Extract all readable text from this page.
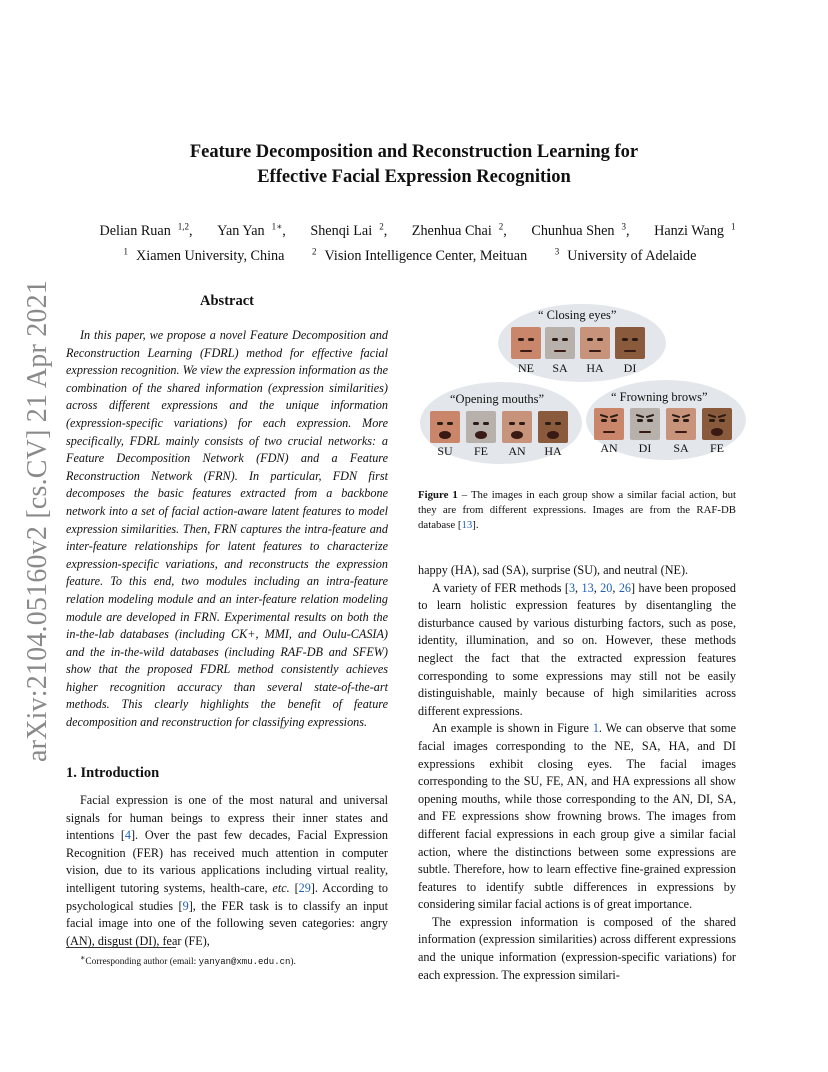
arXiv:2104.05160v2 [cs.CV] 21 Apr 2021
Feature Decomposition and Reconstruction Learning for
Effective Facial Expression Recognition
Delian Ruan $^{1,2}$, Yan Yan $^{1∗}$, Shenqi Lai $^2$, Zhenhua Chai $^2$, Chunhua Shen $^3$, Hanzi Wang $^1$
$^1$ Xiamen University, China	$^2$ Vision Intelligence Center, Meituan	$^3$ University of Adelaide
Abstract
In this paper, we propose a novel Feature Decomposition and Reconstruction Learning (FDRL) method for effective facial expression recognition. We view the expression information as the combination of the shared information (expression similarities) across different expressions and the unique information (expression-specific variations) for each expression. More specifically, FDRL mainly consists of two crucial networks: a Feature Decomposition Network (FDN) and a Feature Reconstruction Network (FRN). In particular, FDN first decomposes the basic features extracted from a backbone network into a set of facial action-aware latent features to model expression similarities. Then, FRN captures the intra-feature and inter-feature relationships for latent features to characterize expression-specific variations, and reconstructs the expression feature. To this end, two modules including an intra-feature relation modeling module and an inter-feature relation modeling module are developed in FRN. Experimental results on both the in-the-lab databases (including CK+, MMI, and Oulu-CASIA) and the in-the-wild databases (including RAF-DB and SFEW) show that the proposed FDRL method consistently achieves higher recognition accuracy than several state-of-the-art methods. This clearly highlights the benefit of feature decomposition and reconstruction for classifying expressions.
1. Introduction
Facial expression is one of the most natural and universal signals for human beings to express their inner states and intentions [4]. Over the past few decades, Facial Expression Recognition (FER) has received much attention in computer vision, due to its various applications including virtual reality, intelligent tutoring systems, health-care, etc. [29]. According to psychological studies [9], the FER task is to classify an input facial image into one of the following seven categories: angry (AN), disgust (DI), fear (FE),
∗Corresponding author (email: yanyan@xmu.edu.cn).
“ Closing eyes”
NE	SA	HA	DI
“Opening mouths”
SU	FE	AN	HA
“ Frowning brows”
AN	DI	SA	FE
Figure 1 – The images in each group show a similar facial action, but they are from different expressions. Images are from the RAF-DB database [13].

happy (HA), sad (SA), surprise (SU), and neutral (NE).

A variety of FER methods [3, 13, 20, 26] have been proposed to learn holistic expression features by disentangling the disturbance caused by various disturbing factors, such as pose, identity, illumination, and so on. However, these methods neglect the fact that the extracted expression features corresponding to some expressions may still not be easily distinguishable, mainly because of high similarities across different expressions.

An example is shown in Figure 1. We can observe that some facial images corresponding to the NE, SA, HA, and DI expressions exhibit closing eyes. The facial images corresponding to the SU, FE, AN, and HA expressions all show opening mouths, while those corresponding to the AN, DI, SA, and FE expressions show frowning brows. The images from different facial expressions in each group give a similar facial action, where the distinctions between some expressions are subtle. Therefore, how to learn effective fine-grained expression features to identify subtle differences in expressions by considering similar facial actions is of great importance.

The expression information is composed of the shared information (expression similarities) across different expressions and the unique information (expression-specific variations) for each expression. The expression similari-
